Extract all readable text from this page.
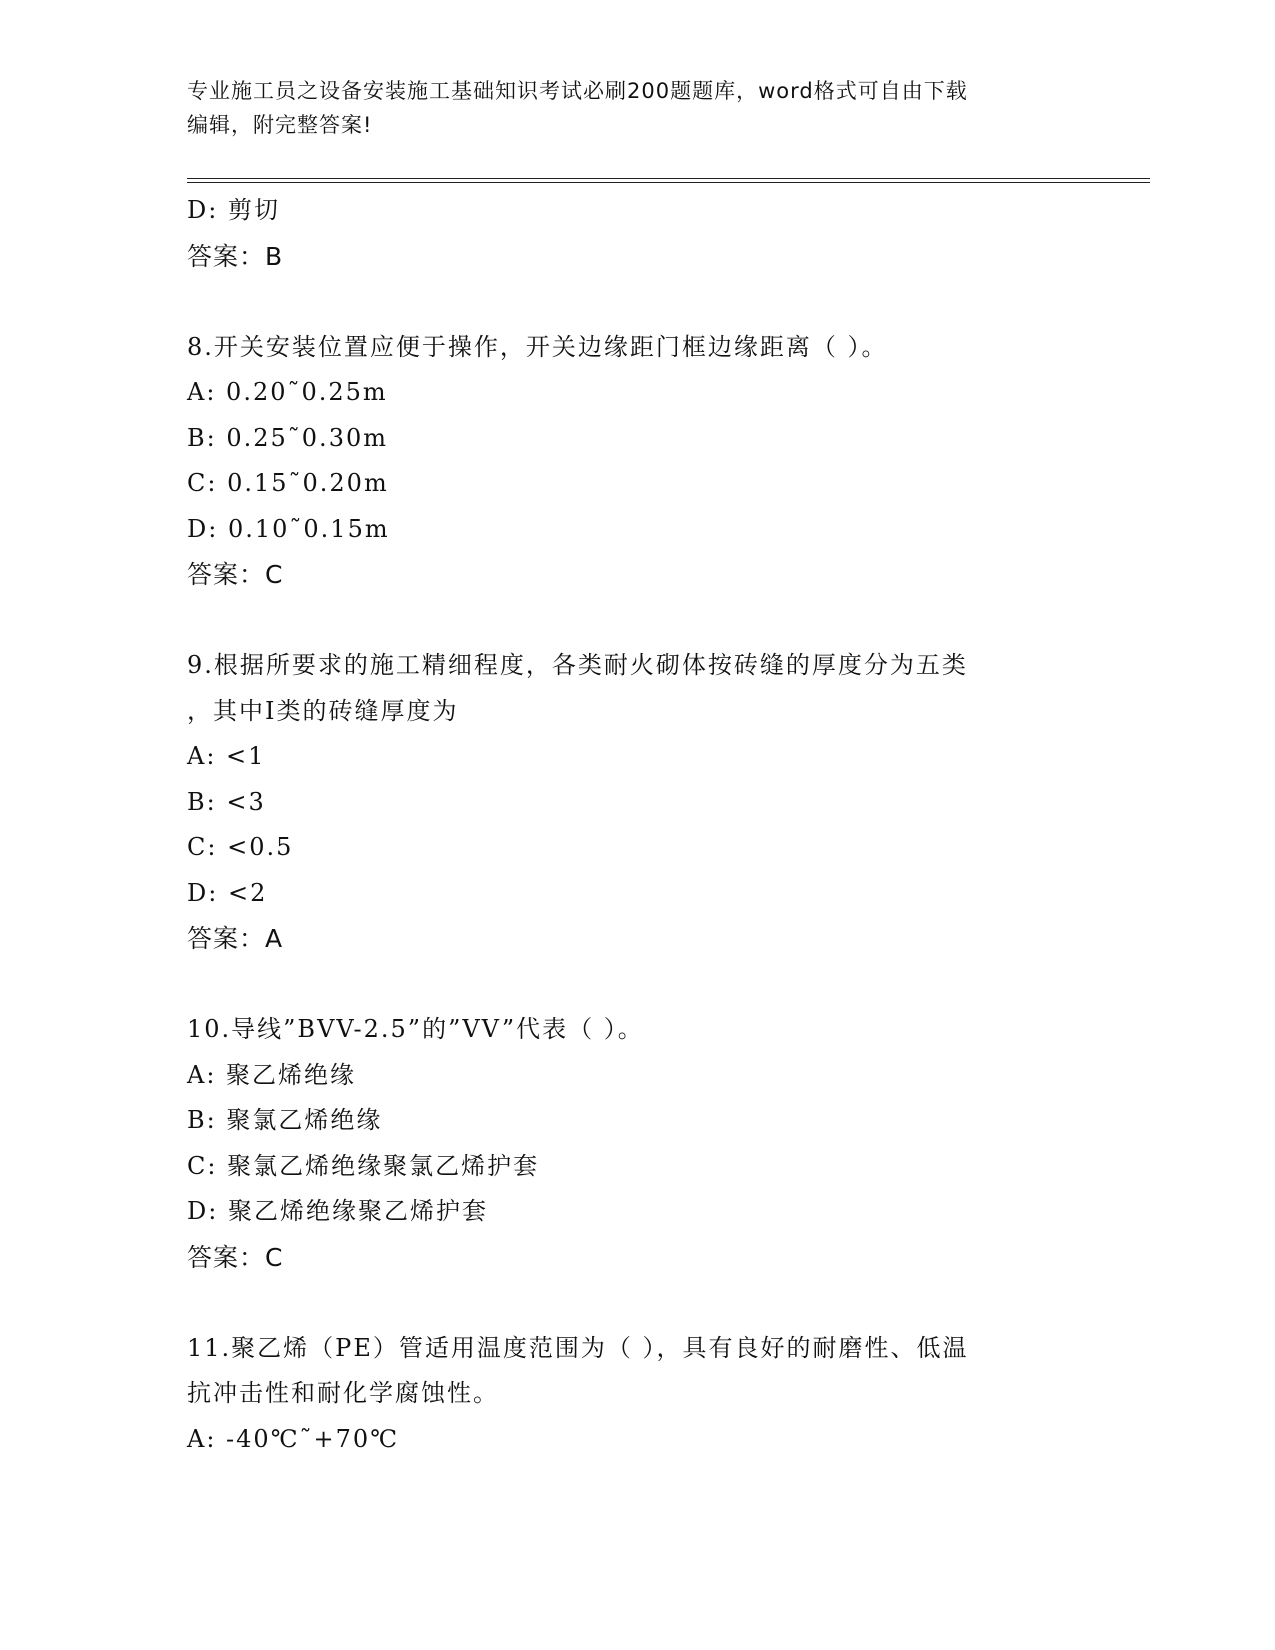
专业施工员之设备安装施工基础知识考试必刷200题题库，word格式可自由下载
编辑，附完整答案!
D: 剪切
答案：B
8.开关安装位置应便于操作，开关边缘距门框边缘距离（ ）。
A: 0.20˜0.25m
B: 0.25˜0.30m
C: 0.15˜0.20m
D: 0.10˜0.15m
答案：C
9.根据所要求的施工精细程度，各类耐火砌体按砖缝的厚度分为五类
，其中Ⅰ类的砖缝厚度为
A: <1
B: <3
C: <0.5
D: <2
答案：A
10.导线”BVV-2.5”的”VV”代表（ ）。
A: 聚乙烯绝缘
B: 聚氯乙烯绝缘
C: 聚氯乙烯绝缘聚氯乙烯护套
D: 聚乙烯绝缘聚乙烯护套
答案：C
11.聚乙烯（PE）管适用温度范围为（ ），具有良好的耐磨性、低温
抗冲击性和耐化学腐蚀性。
A: -40℃˜+70℃
